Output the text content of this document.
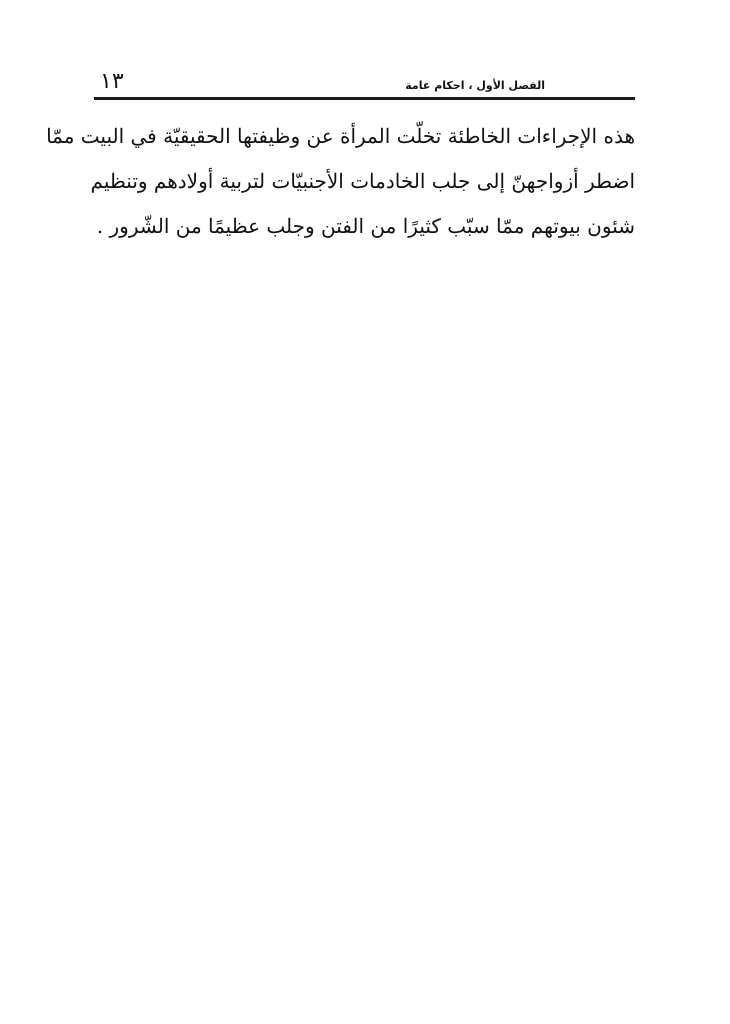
الفصل الأول ، احكام عامة
١٣
هذه الإجراءات الخاطئة تخلّت المرأة عن وظيفتها الحقيقيّة في البيت ممّا
اضطر أزواجهنّ إلى جلب الخادمات الأجنبيّات لتربية أولادهم وتنظيم
شئون بيوتهم ممّا سبّب كثيرًا من الفتن وجلب عظيمًا من الشّرور .
